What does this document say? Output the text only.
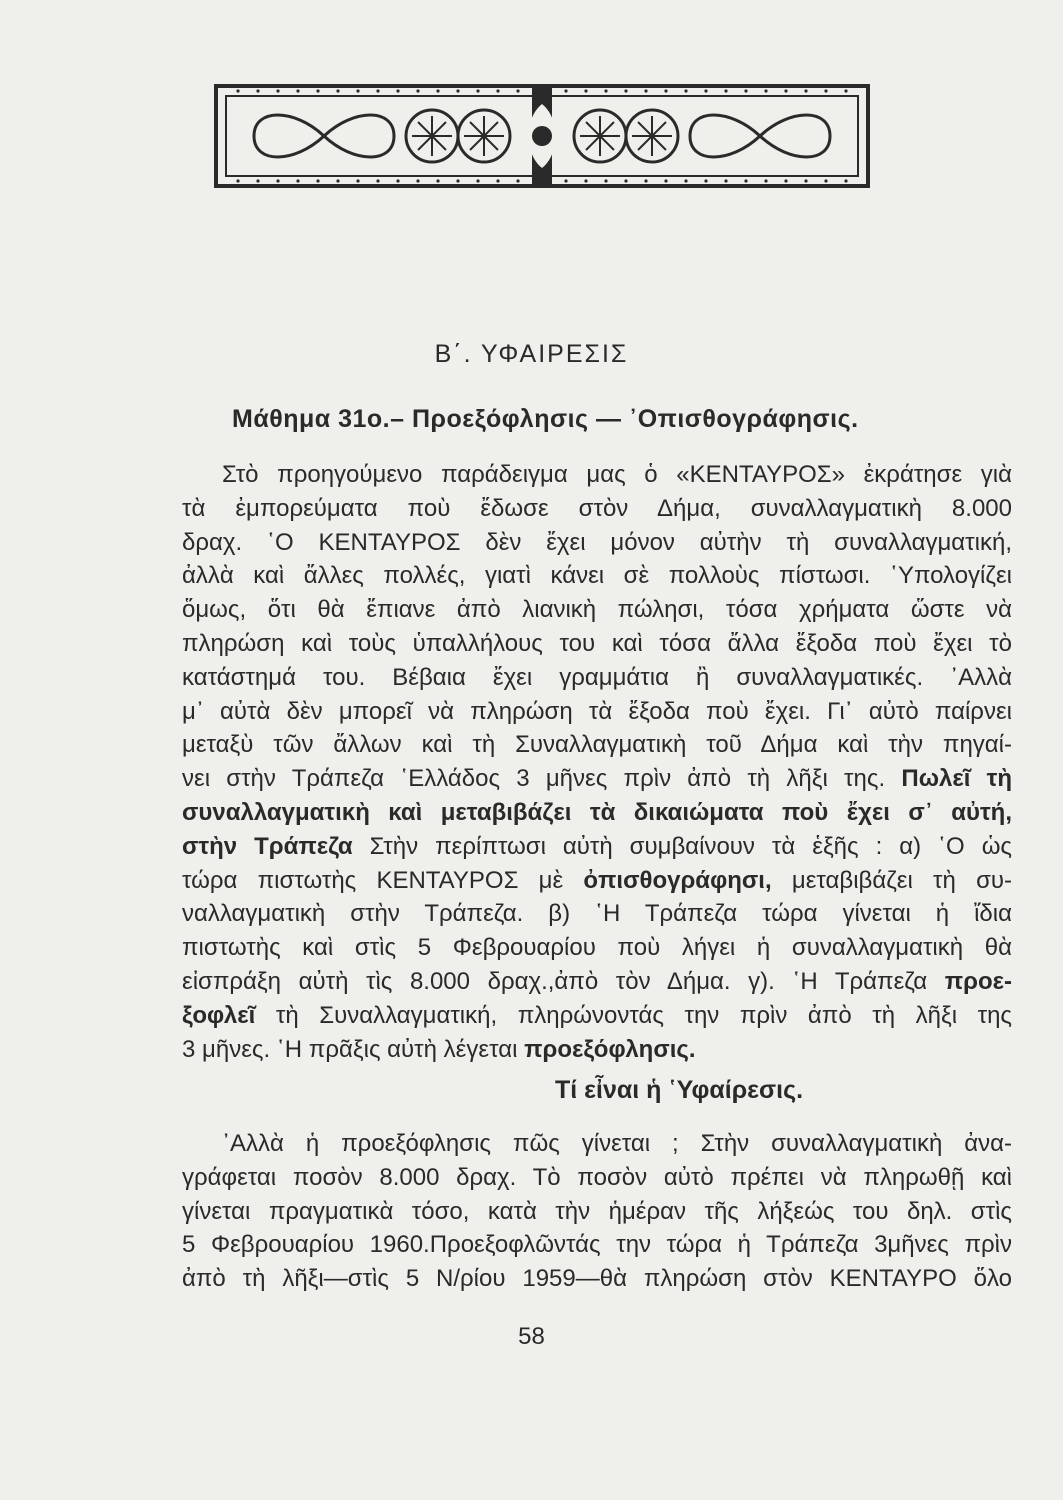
Β΄. ΥΦΑΙΡΕΣΙΣ
Μάθημα 31ο.– Προεξόφλησις — ᾽Οπισθογράφησις.
Στὸ προηγούμενο παράδειγμα μας ὁ «ΚΕΝΤΑΥΡΟΣ» ἐκράτησε γιὰ
τὰ ἐμπορεύματα ποὺ ἔδωσε στὸν Δήμα, συναλλαγματικὴ 8.000
δραχ. ῾Ο ΚΕΝΤΑΥΡΟΣ δὲν ἔχει μόνον αὐτὴν τὴ συναλλαγματική,
ἀλλὰ καὶ ἄλλες πολλές, γιατὶ κάνει σὲ πολλοὺς πίστωσι. ῾Υπολογίζει
ὅμως, ὅτι θὰ ἔπιανε ἀπὸ λιανικὴ πώλησι, τόσα χρήματα ὥστε νὰ
πληρώση καὶ τοὺς ὑπαλλήλους του καὶ τόσα ἄλλα ἔξοδα ποὺ ἔχει τὸ
κατάστημά του. Βέβαια ἔχει γραμμάτια ἢ συναλλαγματικές. ᾽Αλλὰ
μ᾽ αὐτὰ δὲν μπορεῖ νὰ πληρώση τὰ ἔξοδα ποὺ ἔχει. Γι᾽ αὐτὸ παίρνει
μεταξὺ τῶν ἄλλων καὶ τὴ Συναλλαγματικὴ τοῦ Δήμα καὶ τὴν πηγαί-
νει στὴν Τράπεζα ῾Ελλάδος 3 μῆνες πρὶν ἀπὸ τὴ λῆξι της. Πωλεῖ τὴ
συναλλαγματικὴ καὶ μεταβιβάζει τὰ δικαιώματα ποὺ ἔχει σ᾽ αὐτή,
στὴν Τράπεζα Στὴν περίπτωσι αὐτὴ συμβαίνουν τὰ ἑξῆς : α) ῾Ο ὡς
τώρα πιστωτὴς ΚΕΝΤΑΥΡΟΣ μὲ ὀπισθογράφησι, μεταβιβάζει τὴ συ-
ναλλαγματικὴ στὴν Τράπεζα. β) ῾Η Τράπεζα τώρα γίνεται ἡ ἴδια
πιστωτὴς καὶ στὶς 5 Φεβρουαρίου ποὺ λήγει ἡ συναλλαγματικὴ θὰ
εἰσπράξη αὐτὴ τὶς 8.000 δραχ.,ἀπὸ τὸν Δήμα. γ). ῾Η Τράπεζα προε-
ξοφλεῖ τὴ Συναλλαγματική, πληρώνοντάς την πρὶν ἀπὸ τὴ λῆξι της
3 μῆνες. ῾Η πρᾶξις αὐτὴ λέγεται προεξόφλησις.
Τί εἶναι ἡ ῾Υφαίρεσις.
᾽Αλλὰ ἡ προεξόφλησις πῶς γίνεται ; Στὴν συναλλαγματικὴ ἀνα-
γράφεται ποσὸν 8.000 δραχ. Τὸ ποσὸν αὐτὸ πρέπει νὰ πληρωθῇ καὶ
γίνεται πραγματικὰ τόσο, κατὰ τὴν ἡμέραν τῆς λήξεώς του δηλ. στὶς
5 Φεβρουαρίου 1960.Προεξοφλῶντάς την τώρα ἡ Τράπεζα 3μῆνες πρὶν
ἀπὸ τὴ λῆξι—στὶς 5 Ν/ρίου 1959—θὰ πληρώση στὸν ΚΕΝΤΑΥΡΟ ὅλο
58
